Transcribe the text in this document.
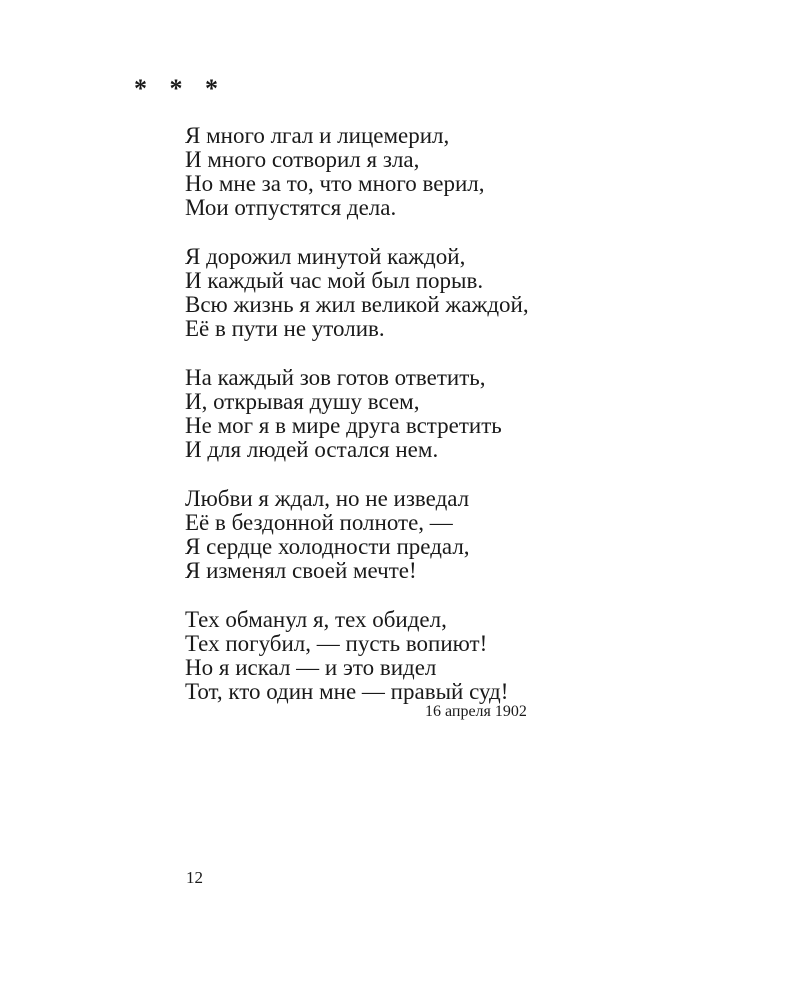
* * *
Я много лгал и лицемерил,
И много сотворил я зла,
Но мне за то, что много верил,
Мои отпустятся дела.
Я дорожил минутой каждой,
И каждый час мой был порыв.
Всю жизнь я жил великой жаждой,
Её в пути не утолив.
На каждый зов готов ответить,
И, открывая душу всем,
Не мог я в мире друга встретить
И для людей остался нем.
Любви я ждал, но не изведал
Её в бездонной полноте, —
Я сердце холодности предал,
Я изменял своей мечте!
Тех обманул я, тех обидел,
Тех погубил, — пусть вопиют!
Но я искал — и это видел
Тот, кто один мне — правый суд!
16 апреля 1902
12
